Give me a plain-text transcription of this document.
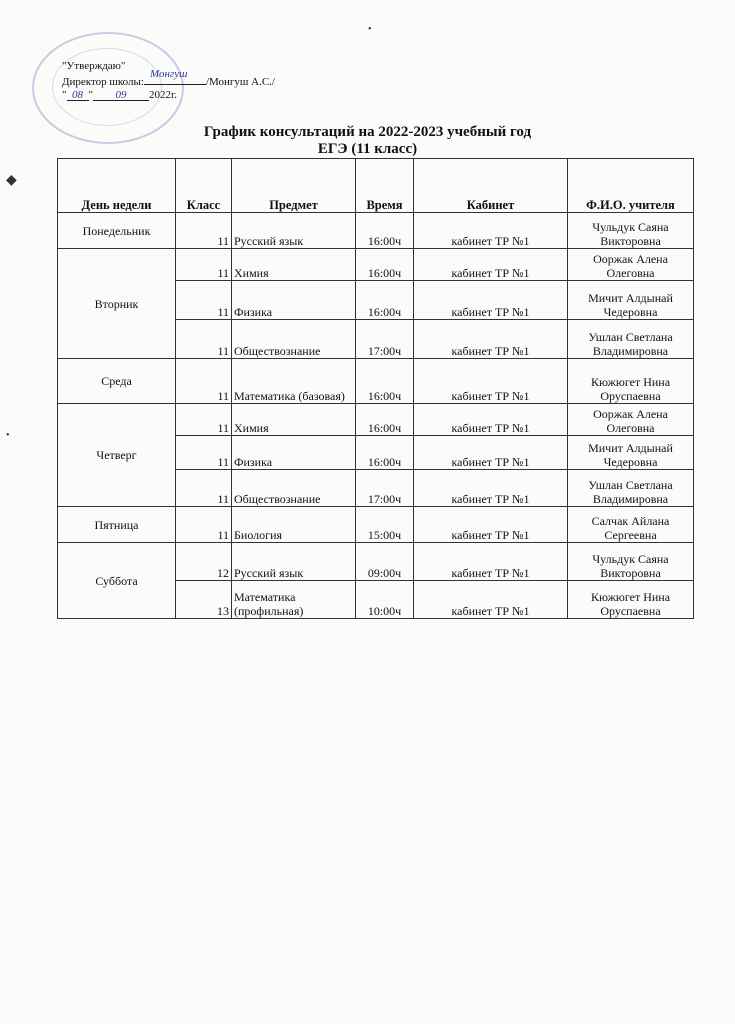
"Утверждаю"
Директор школы:
Монгуш
/Монгуш А.С./
" 08 " 09 2022г.
График консультаций на 2022-2023 учебный год
ЕГЭ (11 класс)
День недели	Класс	Предмет	Время	Кабинет	Ф.И.О. учителя
Понедельник	11	Русский язык	16:00ч	кабинет ТР №1	Чульдук Саяна Викторовна
Вторник	11	Химия	16:00ч	кабинет ТР №1	Ооржак Алена Олеговна
	11	Физика	16:00ч	кабинет ТР №1	Мичит Алдынай Чедеровна
	11	Обществознание	17:00ч	кабинет ТР №1	Ушлан Светлана Владимировна
Среда	11	Математика (базовая)	16:00ч	кабинет ТР №1	Кюжюгет Нина Оруспаевна
Четверг	11	Химия	16:00ч	кабинет ТР №1	Ооржак Алена Олеговна
	11	Физика	16:00ч	кабинет ТР №1	Мичит Алдынай Чедеровна
	11	Обществознание	17:00ч	кабинет ТР №1	Ушлан Светлана Владимировна
Пятница	11	Биология	15:00ч	кабинет ТР №1	Салчак Айлана Сергеевна
Суббота	12	Русский язык	09:00ч	кабинет ТР №1	Чульдук Саяна Викторовна
	13	Математика (профильная)	10:00ч	кабинет ТР №1	Кюжюгет Нина Оруспаевна
◆
•
•
